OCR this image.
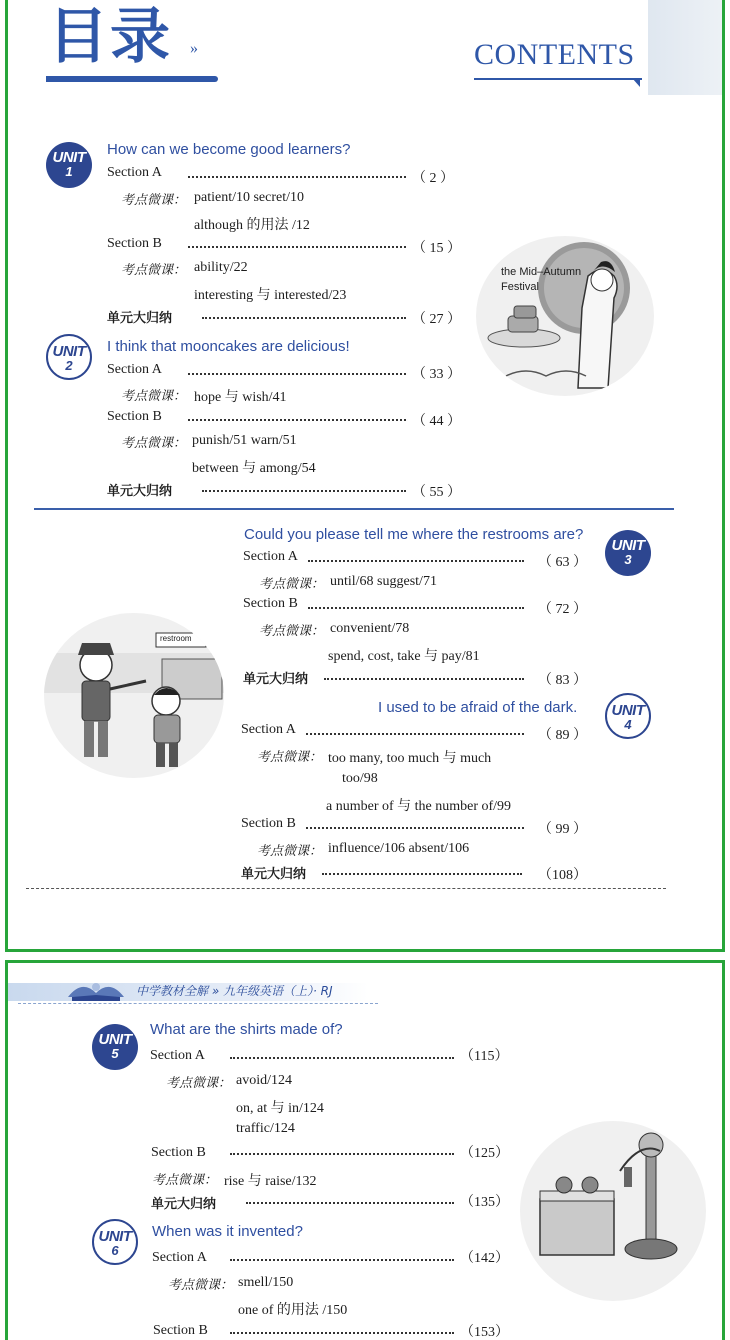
目录 »	CONTENTS
UNIT
1
How can we become good learners?
Section A	（ 2 ）
考点微课： patient/10 secret/10
although 的用法 /12
Section B	（ 15 ）
考点微课： ability/22
interesting 与 interested/23
单元大归纳	（ 27 ）
UNIT
2
I think that mooncakes are delicious!
Section A	（ 33 ）
考点微课： hope 与 wish/41
Section B	（ 44 ）
考点微课： punish/51 warn/51
between 与 among/54
单元大归纳	（ 55 ）
the Mid–Autumn
Festival
Could you please tell me where the restrooms are?
UNIT
3
Section A	（ 63 ）
考点微课： until/68 suggest/71
Section B	（ 72 ）
考点微课： convenient/78
spend, cost, take 与 pay/81
单元大归纳	（ 83 ）
restroom
I used to be afraid of the dark.	UNIT
4
Section A	（ 89 ）
考点微课： too many, too much 与 much
too/98
a number of 与 the number of/99
Section B	（ 99 ）
考点微课： influence/106 absent/106
单元大归纳	（108）
中学教材全解 » 九年级英语（上）· RJ
UNIT
5
What are the shirts made of?
Section A	（115）
考点微课： avoid/124
on, at 与 in/124
traffic/124
Section B	（125）
考点微课： rise 与 raise/132
单元大归纳	（135）
UNIT
6
When was it invented?
Section A	（142）
考点微课： smell/150
one of 的用法 /150
Section B	（153）
